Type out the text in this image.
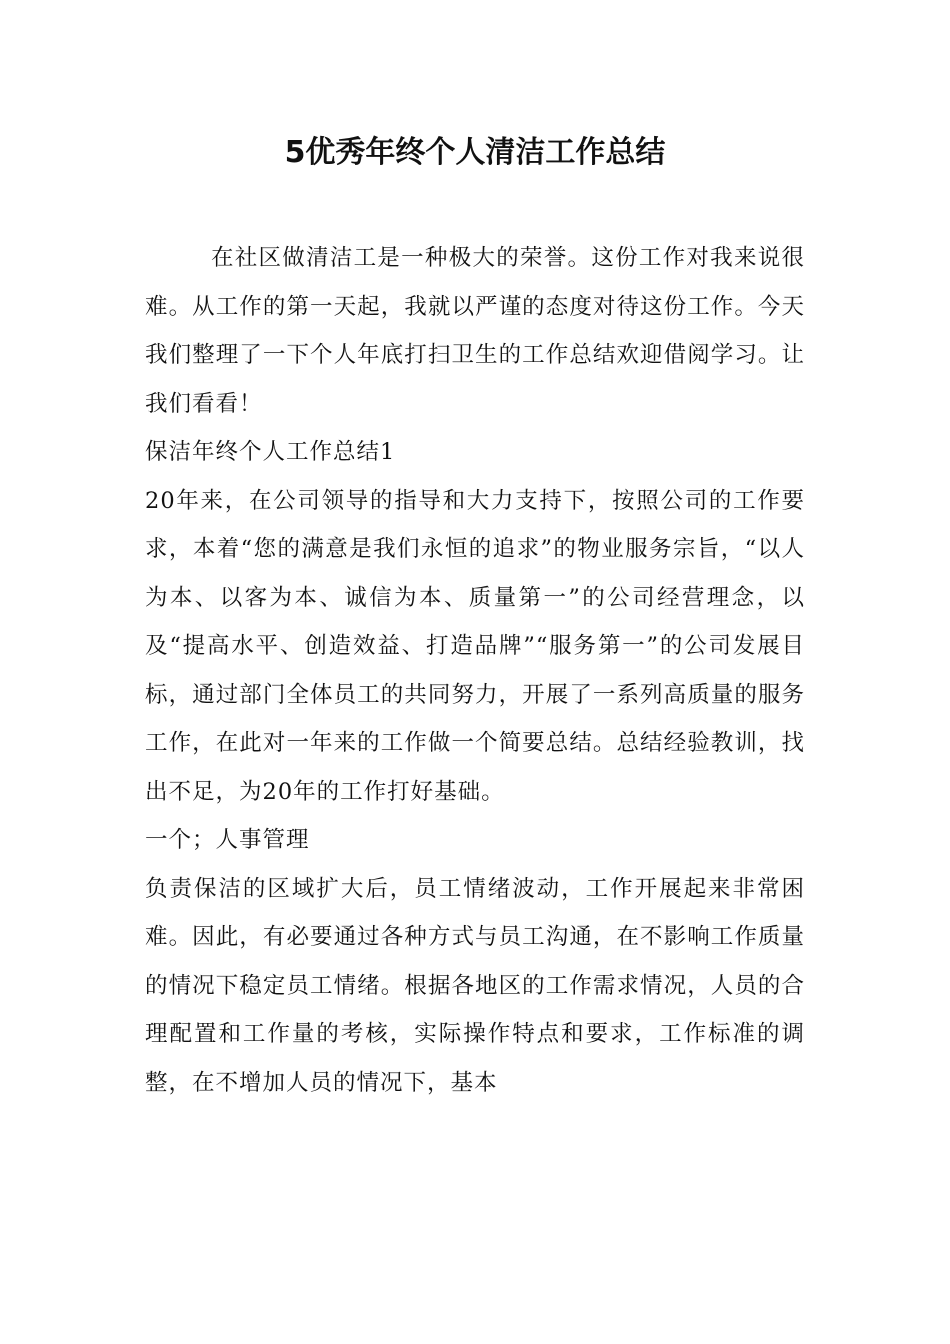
5优秀年终个人清洁工作总结

在社区做清洁工是一种极大的荣誉。这份工作对我来说很难。从工作的第一天起，我就以严谨的态度对待这份工作。今天我们整理了一下个人年底打扫卫生的工作总结欢迎借阅学习。让我们看看！

保洁年终个人工作总结1

20年来，在公司领导的指导和大力支持下，按照公司的工作要求，本着“您的满意是我们永恒的追求”的物业服务宗旨，“以人为本、以客为本、诚信为本、质量第一”的公司经营理念，以及“提高水平、创造效益、打造品牌”“服务第一”的公司发展目标，通过部门全体员工的共同努力，开展了一系列高质量的服务工作，在此对一年来的工作做一个简要总结。总结经验教训，找出不足，为20年的工作打好基础。

一个；人事管理

负责保洁的区域扩大后，员工情绪波动，工作开展起来非常困难。因此，有必要通过各种方式与员工沟通，在不影响工作质量的情况下稳定员工情绪。根据各地区的工作需求情况，人员的合理配置和工作量的考核，实际操作特点和要求，工作标准的调整，在不增加人员的情况下，基本
